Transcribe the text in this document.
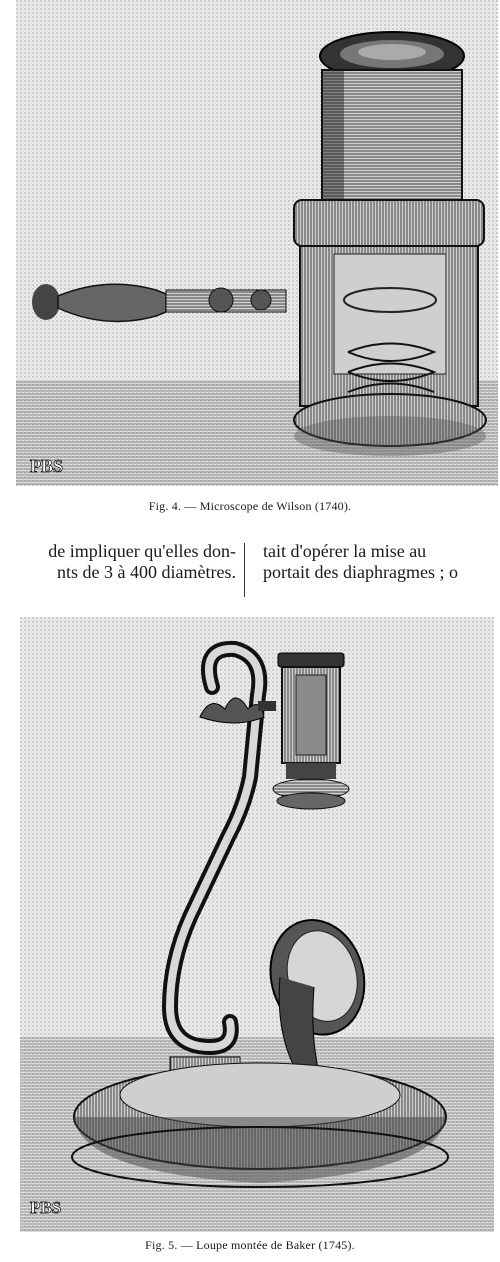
PBS
Fig. 4. — Microscope de Wilson (1740).
de impliquer qu'elles don-
nts de 3 à 400 diamètres.
tait d'opérer la mise au
portait des diaphragmes ; o
PBS
Fig. 5. — Loupe montée de Baker (1745).
